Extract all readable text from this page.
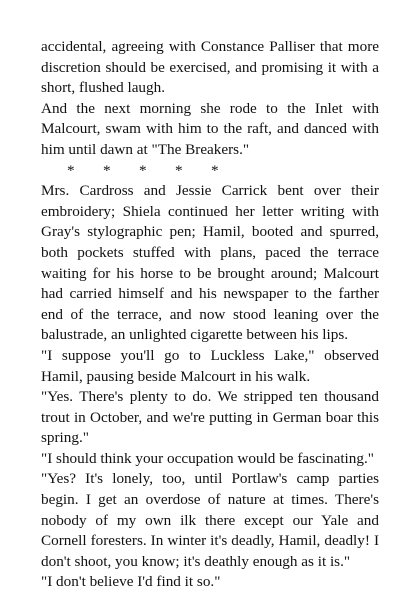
accidental, agreeing with Constance Palliser that more discretion should be exercised, and promising it with a short, flushed laugh.

And the next morning she rode to the Inlet with Malcourt, swam with him to the raft, and danced with him until dawn at "The Breakers."

* * * * *

Mrs. Cardross and Jessie Carrick bent over their embroidery; Shiela continued her letter writing with Gray's stylographic pen; Hamil, booted and spurred, both pockets stuffed with plans, paced the terrace waiting for his horse to be brought around; Malcourt had carried himself and his newspaper to the farther end of the terrace, and now stood leaning over the balustrade, an unlighted cigarette between his lips.

"I suppose you'll go to Luckless Lake," observed Hamil, pausing beside Malcourt in his walk.

"Yes. There's plenty to do. We stripped ten thousand trout in October, and we're putting in German boar this spring."

"I should think your occupation would be fascinating."

"Yes? It's lonely, too, until Portlaw's camp parties begin. I get an overdose of nature at times. There's nobody of my own ilk there except our Yale and Cornell foresters. In winter it's deadly, Hamil, deadly! I don't shoot, you know; it's deathly enough as it is."

"I don't believe I'd find it so."
